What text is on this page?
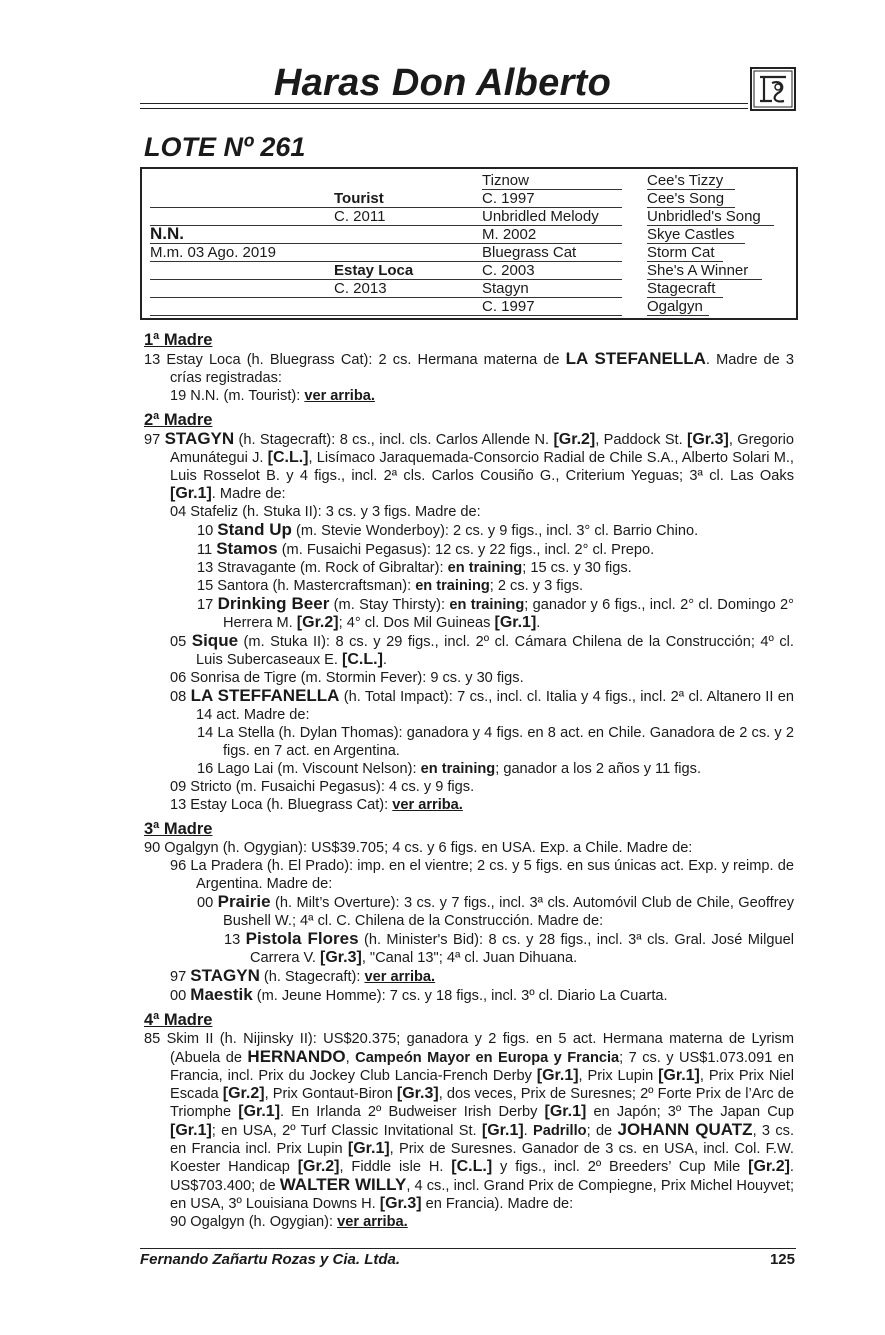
Haras Don Alberto
LOTE Nº 261
Cee's Tizzy
Cee's Song
Unbridled's Song
Skye Castles
Storm Cat
She's A Winner
Stagecraft
Ogalgyn
Tiznow
C. 1997
Unbridled Melody
M. 2002
Bluegrass Cat
C. 2003
Stagyn
C. 1997
Tourist
C. 2011
Estay Loca
C. 2013
N.N.
M.m. 03 Ago. 2019
1ª Madre
13 Estay Loca (h. Bluegrass Cat): 2 cs. Hermana materna de LA STEFANELLA. Madre de 3 crías registradas:
19 N.N. (m. Tourist): ver arriba.
2ª Madre
97 STAGYN (h. Stagecraft): 8 cs., incl. cls. Carlos Allende N. [Gr.2], Paddock St. [Gr.3], Gregorio Amunátegui J. [C.L.], Lisímaco Jaraquemada-Consorcio Radial de Chile S.A., Alberto Solari M., Luis Rosselot B. y 4 figs., incl. 2ª cls. Carlos Cousiño G., Criterium Yeguas; 3ª cl. Las Oaks [Gr.1]. Madre de:
04 Stafeliz (h. Stuka II): 3 cs. y 3 figs. Madre de:
10 Stand Up (m. Stevie Wonderboy): 2 cs. y 9 figs., incl. 3° cl. Barrio Chino.
11 Stamos (m. Fusaichi Pegasus): 12 cs. y 22 figs., incl. 2° cl. Prepo.
13 Stravagante (m. Rock of Gibraltar): en training; 15 cs. y 30 figs.
15 Santora (h. Mastercraftsman): en training; 2 cs. y 3 figs.
17 Drinking Beer (m. Stay Thirsty): en training; ganador y 6 figs., incl. 2° cl. Domingo 2° Herrera M. [Gr.2]; 4° cl. Dos Mil Guineas [Gr.1].
05 Sique (m. Stuka II): 8 cs. y 29 figs., incl. 2º cl. Cámara Chilena de la Construcción; 4º cl. Luis Subercaseaux E. [C.L.].
06 Sonrisa de Tigre (m. Stormin Fever): 9 cs. y 30 figs.
08 LA STEFFANELLA (h. Total Impact): 7 cs., incl. cl. Italia y 4 figs., incl. 2ª cl. Altanero II en 14 act. Madre de:
14 La Stella (h. Dylan Thomas): ganadora y 4 figs. en 8 act. en Chile. Ganadora de 2 cs. y 2 figs. en 7 act. en Argentina.
16 Lago Lai (m. Viscount Nelson): en training; ganador a los 2 años y 11 figs.
09 Stricto (m. Fusaichi Pegasus): 4 cs. y 9 figs.
13 Estay Loca (h. Bluegrass Cat): ver arriba.
3ª Madre
90 Ogalgyn (h. Ogygian): US$39.705; 4 cs. y 6 figs. en USA. Exp. a Chile. Madre de:
96 La Pradera (h. El Prado): imp. en el vientre; 2 cs. y 5 figs. en sus únicas act. Exp. y reimp. de Argentina. Madre de:
00 Prairie (h. Milt’s Overture): 3 cs. y 7 figs., incl. 3ª cls. Automóvil Club de Chile, Geoffrey Bushell W.; 4ª cl. C. Chilena de la Construcción. Madre de:
13 Pistola Flores (h. Minister's Bid): 8 cs. y 28 figs., incl. 3ª cls. Gral. José Milguel Carrera V. [Gr.3], "Canal 13"; 4ª cl. Juan Dihuana.
97 STAGYN (h. Stagecraft): ver arriba.
00 Maestik (m. Jeune Homme): 7 cs. y 18 figs., incl. 3º cl. Diario La Cuarta.
4ª Madre
85 Skim II (h. Nijinsky II): US$20.375; ganadora y 2 figs. en 5 act. Hermana materna de Lyrism (Abuela de HERNANDO, Campeón Mayor en Europa y Francia; 7 cs. y US$1.073.091 en Francia, incl. Prix du Jockey Club Lancia-French Derby [Gr.1], Prix Lupin [Gr.1], Prix Prix Niel Escada [Gr.2], Prix Gontaut-Biron [Gr.3], dos veces, Prix de Suresnes; 2º Forte Prix de l’Arc de Triomphe [Gr.1]. En Irlanda 2º Budweiser Irish Derby [Gr.1] en Japón; 3º The Japan Cup [Gr.1]; en USA, 2º Turf Classic Invitational St. [Gr.1]. Padrillo; de JOHANN QUATZ, 3 cs. en Francia incl. Prix Lupin [Gr.1], Prix de Suresnes. Ganador de 3 cs. en USA, incl. Col. F.W. Koester Handicap [Gr.2], Fiddle isle H. [C.L.] y figs., incl. 2º Breeders’ Cup Mile [Gr.2]. US$703.400; de WALTER WILLY, 4 cs., incl. Grand Prix de Compiegne, Prix Michel Houyvet; en USA, 3º Louisiana Downs H. [Gr.3] en Francia). Madre de:
90 Ogalgyn (h. Ogygian): ver arriba.
Fernando Zañartu Rozas y Cia. Ltda.	125
